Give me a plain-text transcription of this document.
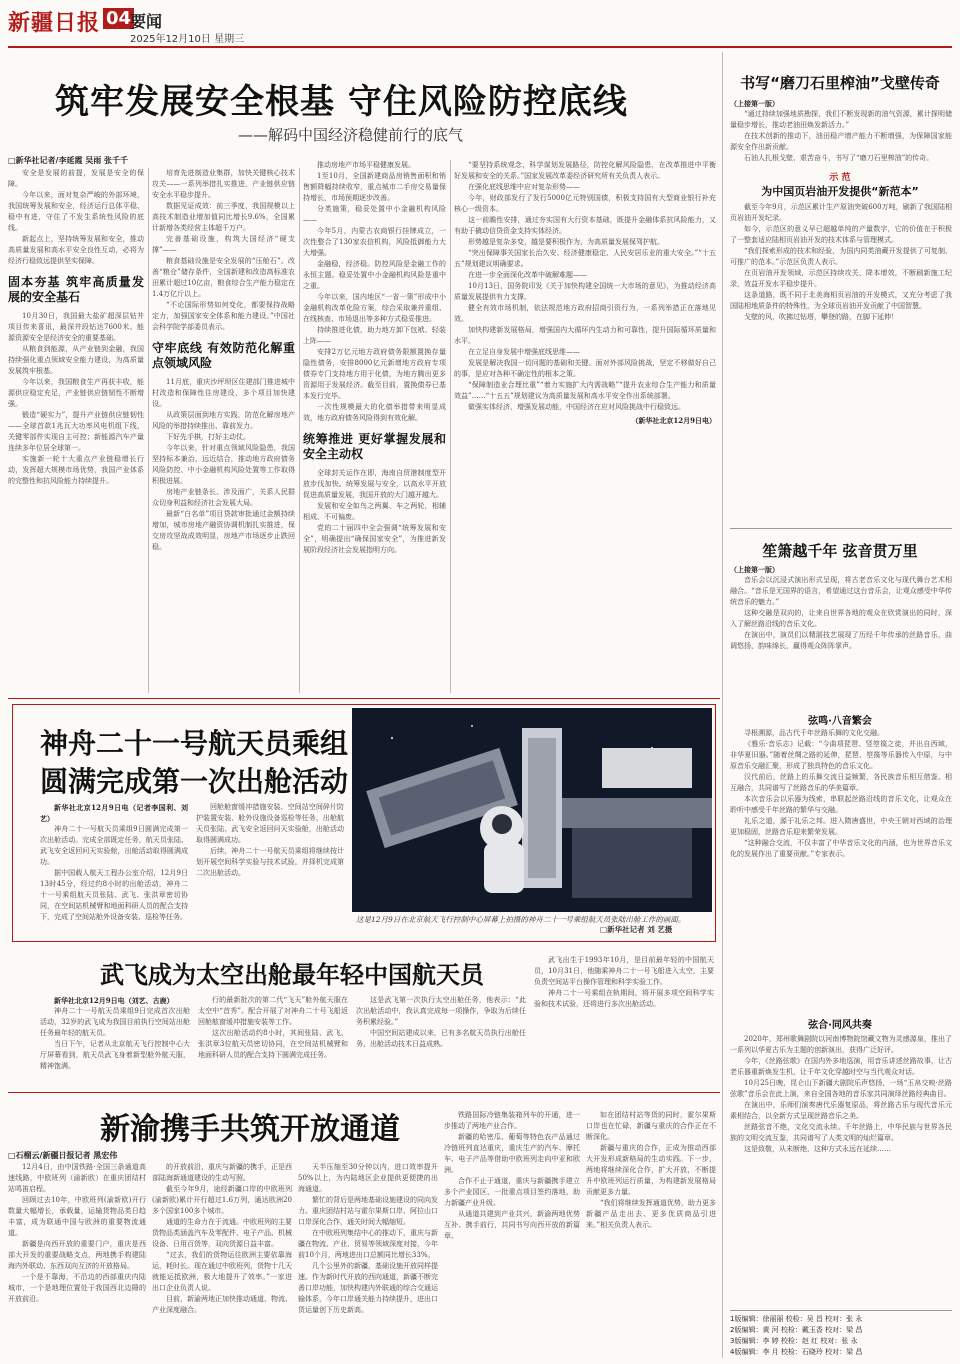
新疆日报 04
要闻
2025年12月10日 星期三
筑牢发展安全根基 守住风险防控底线
——解码中国经济稳健前行的底气
□新华社记者/李延霞 吴雨 张千千

安全是发展的前提，发展是安全的保障。

今年以来，面对复杂严峻的外部环境，我国统筹发展和安全，经济运行总体平稳、稳中有进，守住了不发生系统性风险的底线。

新起点上，坚持统筹发展和安全，推动高质量发展和高水平安全良性互动，必将为经济行稳致远提供坚实保障。

固本夯基 筑牢高质量发展的安全基石

10月30日，我国最大盐矿超深层钻井项目传来喜讯，最深井段钻达7600米。能源资源安全是经济安全的重要基础。

从粮食到能源，从产业链到金融，我国持续强化重点领域安全能力建设，为高质量发展筑牢根基。

今年以来，我国粮食生产再获丰收，能源供应稳定充足，产业链供应链韧性不断增强。

锻造“硬实力”，提升产业链供应链韧性——全球首款1兆瓦大功率风电机组下线，关键零部件实现自主可控；新能源汽车产量连续多年位居全球第一。

实施新一轮十大重点产业链稳增长行动，发挥超大规模市场优势，我国产业体系的完整性和抗风险能力持续提升。

培育先进制造业集群，加快关键核心技术攻关——一系列举措扎实推进，产业链供应链安全水平稳步提升。

数据见证成效：前三季度，我国规模以上高技术制造业增加值同比增长9.6%，全国累计新增各类经营主体超千万户。

完善基础设施，构筑大国经济“硬支撑”——

粮食基础设施是安全发展的“压舱石”。改善“粮仓”储存条件，全国新建和改造高标准农田累计超过10亿亩，粮食综合生产能力稳定在1.4万亿斤以上。

“不论国际形势如何变化，都要保持战略定力，加强国家安全体系和能力建设。”中国社会科学院学部委员表示。

守牢底线 有效防范化解重点领域风险

11月底，重庆沙坪坝区住建部门推进城中村改造和保障性住房建设，多个项目加快建设。

从政策层面到地方实践，防范化解房地产风险的举措持续推出、靠前发力。

下好先手棋，打好主动仗。

今年以来，针对重点领域风险隐患，我国坚持标本兼治，远近结合，推动地方政府债务风险防控、中小金融机构风险处置等工作取得积极进展。

房地产业链条长、涉及面广，关系人民群众切身利益和经济社会发展大局。

最新“白名单”项目贷款审批通过金额持续增加，城市房地产融资协调机制扎实推进，保交房攻坚战成效明显，房地产市场逐步止跌回稳。

推动房地产市场平稳健康发展。

1至10月，全国新建商品房销售面积和销售额降幅持续收窄，重点城市二手房交易量保持增长，市场预期逐步改善。

分类施策，稳妥处置中小金融机构风险——

今年5月，内蒙古农商银行挂牌成立，一次性整合了130家农信机构，风险抵御能力大大增强。

金融稳，经济稳。防控风险是金融工作的永恒主题。稳妥处置中小金融机构风险是重中之重。

今年以来，国内地区“一省一策”形成中小金融机构改革化险方案，综合采取兼并重组、在线核查、市场退出等多种方式稳妥推进。

持续推进化债，助力地方卸下包袱、轻装上阵——

安排2万亿元地方政府债务限额置换存量隐性债务，安排8000亿元新增地方政府专项债券专门支持地方用于化债，为地方腾出更多资源用于发展经济。截至目前，置换债券已基本发行完毕。

一次性规模最大的化债举措带来明显成效，地方政府债务风险得到有效化解。

统筹推进 更好掌握发展和安全主动权

全球封关运作在即，海南自贸港制度型开放步伐加快。统筹发展与安全，以高水平开放促进高质量发展，我国开放的大门越开越大。

发展和安全如鸟之两翼、车之两轮，相辅相成、不可偏废。

党的二十届四中全会强调“统筹发展和安全”，明确提出“确保国家安全”，为推进新发展阶段经济社会发展指明方向。

“要坚持系统观念，科学谋划发展路径，防控化解风险隐患，在改革推进中平衡好发展和安全的关系。”国家发展改革委经济研究所有关负责人表示。

在强化底线思维中应对复杂形势——

今年，财政部发行了发行5000亿元特别国债，积极支持国有大型商业银行补充核心一级资本。

这一前瞻性安排，通过夯实国有大行资本基础，既提升金融体系抗风险能力，又有助于撬动信贷资金支持实体经济。

形势越是复杂多变，越是要积极作为，为高质量发展保驾护航。

“突出保障事关国家长治久安、经济健康稳定、人民安居乐业的重大安全。”“十五五”规划建议明确要求。

在进一步全面深化改革中破解难题——

10月13日，国务院印发《关于加快构建全国统一大市场的意见》，为推动经济高质量发展提供有力支撑。

健全有效市场机制，依法规范地方政府招商引资行为，一系列举措正在落地见效。

加快构建新发展格局，增强国内大循环内生动力和可靠性，提升国际循环质量和水平。

在立足自身发展中增强底线思维——

发展是解决我国一切问题的基础和关键。面对外部风险挑战，坚定不移做好自己的事，是应对各种不确定性的根本之策。

“保障制造业合理比重”“着力实施扩大内需战略”“提升农业综合生产能力和质量效益”……“十五五”规划建议为高质量发展和高水平安全作出系统部署。

做强实体经济，增强发展动能，中国经济在应对风险挑战中行稳致远。

（新华社北京12月9日电）

神舟二十一号航天员乘组
圆满完成第一次出舱活动

新华社北京12月9日电（记者李国利、刘艺）

神舟二十一号航天员乘组9日圆满完成第一次出舱活动。完成全部既定任务，航天员张陆、武飞安全返回问天实验舱，出舱活动取得圆满成功。

据中国载人航天工程办公室介绍，12月9日13时45分，经过约8小时的出舱活动，神舟二十一号乘组航天员张陆、武飞、张洪章密切协同，在空间站机械臂和地面科研人员的配合支持下，完成了空间站舱外设备安装、巡检等任务。

回舱舱窗缓冲措施安装、空间站空间碎片防护装置安装、舱外设施设备巡检等任务，出舱航天员张陆、武飞安全返回问天实验舱，出舱活动取得圆满成功。

后续，神舟二十一号航天员乘组将继续按计划开展空间科学实验与技术试验，并择机完成第二次出舱活动。

这是12月9日在北京航天飞行控制中心屏幕上拍摄的神舟二十一号乘组航天员张陆出舱工作的画面。
□新华社记者 刘 艺摄
武飞成为太空出舱最年轻中国航天员

新华社北京12月9日电（刘艺、古鹿）

神舟二十一号航天员乘组9日完成首次出舱活动，32岁的武飞成为我国目前执行空间站出舱任务最年轻的航天员。

当日下午，记者从北京航天飞行控制中心大厅屏幕看到，航天员武飞身着新型舱外航天服，精神饱满。

行的最新批次的第二代“飞天”舱外航天服在太空中“首秀”。配合开展了对神舟二十号飞船返回舱舷窗缓冲措施安装等工作。

这次出舱活动约8小时，其间张陆、武飞、张洪章3位航天员密切协同，在空间站机械臂和地面科研人员的配合支持下圆满完成任务。

这是武飞第一次执行太空出舱任务，他表示：“此次出舱活动中，我认真完成每一项操作，争取为后续任务积累经验。”

中国空间站建成以来，已有多名航天员执行出舱任务，出舱活动技术日益成熟。

武飞出生于1993年10月，是目前最年轻的中国航天员，10月31日，他随乘神舟二十一号飞船进入太空，主要负责空间站平台操作管理和科学实验工作。

神舟二十一号乘组在轨期间，将开展多项空间科学实验和技术试验，还将进行多次出舱活动。

新渝携手共筑开放通道
□石榴云/新疆日报记者 黑宏伟

12月4日，由中国铁路·全国三条通道高速线路，中欧班列（渝新欧）在重庆团结村站鸣笛启程。

回顾过去10年，中欧班列(渝新欧)开行数量大幅增长，承载量，运输货物品类日趋丰富，成为联通中国与欧洲的重要物流通道。

新疆是向西开放的重要门户，重庆是西部大开发的重要战略支点，两地携手构建陆海内外联动、东西双向互济的开放格局。

一个是不靠海，不沿边的西部重庆内陆城市，一个是地理位置处于我国西北边陲的开放前沿。

的开放前沿，重庆与新疆的携手，正是西部陆海新通道建设的生动写照。

截至今年9月，途经新疆口岸的中欧班列(渝新欧)累计开行超过1.6万列，通达欧洲20多个国家100多个城市。

通道的生命力在于流通。中欧班列的主要货物品类涵盖汽车及零配件、电子产品、机械设备、日用百货等，双向货源日益丰富。

“过去，我们的货物运往欧洲主要依靠海运，耗时长。现在通过中欧班列，货物十几天就能运抵欧洲，极大地提升了效率。”一家进出口企业负责人说。

目前，新渝两地正加快推动通道、物流、产业深度融合。

天半压缩至30分钟以内，进口效率提升50%以上，为内陆地区企业提供更便捷的出海通道。

繁忙的背后是两地基础设施建设的同向发力。重庆团结村站与霍尔果斯口岸、阿拉山口口岸深化合作，通关时间大幅缩短。

在中欧班列集结中心的推动下，重庆与新疆在物流、产业、贸易等领域深度对接，今年前10个月，两地进出口总额同比增长33%。

几个公里外的新疆，基础设施开放同样提速。作为新时代开放的西向通道，新疆不断完善口岸功能，加快构建内外联通的综合交通运输体系，今年口岸通关能力持续提升，进出口货运量创下历史新高。

铁路国际冷链集装箱列车的开通，进一步推动了两地产业合作。

新疆的哈密瓜、葡萄等特色农产品通过冷链班列直达重庆，重庆生产的汽车、摩托车、电子产品等借助中欧班列走向中亚和欧洲。

合作不止于通道，重庆与新疆携手建立多个产业园区，一批重点项目签约落地，助力新疆产业升级。

从通道共建到产业共兴，新渝两地优势互补、携手前行，共同书写向西开放的新篇章。

如在团结村站等货的同时，霍尔果斯口岸也在忙碌，新疆与重庆的合作正在不断深化。

新疆与重庆的合作，正成为推动西部大开发形成新格局的生动实践。下一步，两地将继续深化合作，扩大开放，不断提升中欧班列运行质量，为构建新发展格局贡献更多力量。

“我们将继续发挥通道优势，助力更多新疆产品走出去、更多优质商品引进来。”相关负责人表示。

书写“磨刀石里榨油”戈壁传奇

（上接第一版）

“通过持续加强地质勘探，我们不断发现新的油气资源，累计探明储量稳步增长，推动老油田焕发新活力。”

在技术创新的推动下，油田稳产增产能力不断增强，为保障国家能源安全作出新贡献。

石油人扎根戈壁、艰苦奋斗，书写了“磨刀石里榨油”的传奇。

示 范
为中国页岩油开发提供“新范本”

截至今年9月，示范区累计生产原油突破600万吨，刷新了我国陆相页岩油开发纪录。

如今，示范区的意义早已超越单纯的产量数字，它的价值在于积极了一整套适应陆相页岩油开发的技术体系与管理模式。

“我们探索形成的技术和经验，为国内同类油藏开发提供了可复制、可推广的范本。”示范区负责人表示。

在页岩油开发领域，示范区持续攻关，降本增效，不断刷新施工纪录，效益开发水平稳步提升。

这条道路，既不同于北美海相页岩油的开发模式，又充分考虑了我国陆相地质条件的特殊性，为全球页岩油开发贡献了中国智慧。

戈壁的风，吹拂过钻塔，攀登的路，在脚下延伸！

笙箫越千年 弦音贯万里

（上接第一版）

音乐会以沉浸式演出形式呈现，将古老音乐文化与现代舞台艺术相融合。“音乐是无国界的语言，希望通过这台音乐会，让观众感受中华传统音乐的魅力。”

这种交融是双向的，让来自世界各地的观众在欣赏演出的同时，深入了解丝路沿线的音乐文化。

在演出中，演员们以精湛技艺展现了历经千年传承的丝路音乐，曲调悠扬，韵味绵长，赢得观众阵阵掌声。

弦鸣·八音繁会

寻根溯源，品古代千年丝路乐舞的文化交融。

《雅乐·音乐志》记载：“今曲项琵琶、竖箜篌之徒，并出自西域，非华夏旧器。”随着丝绸之路的延伸，琵琶、箜篌等乐器传入中原，与中原音乐交融汇聚，形成了独具特色的音乐文化。

汉代前后，丝路上的乐舞交流日益频繁，各民族音乐相互借鉴、相互融合，共同谱写了丝路音乐的华美篇章。

本次音乐会以乐器为线索，串联起丝路沿线的音乐文化，让观众在聆听中感受千年丝路的繁华与交融。

礼乐之道，源于礼乐之邦。进入隋唐盛世，中央王朝对西域的治理更加稳固，丝路音乐迎来繁荣发展。

“这种融合交流，不仅丰富了中华音乐文化的内涵，也为世界音乐文化的发展作出了重要贡献。”专家表示。

弦合·同风共奏

2020年，郑州歌舞剧院以河南博物院馆藏文物为灵感源泉，推出了一系列以华夏古乐为主题的创新演出，获得广泛好评。

今年，《丝路弦歌》在国内外多地巡演，用音乐讲述丝路故事，让古老乐器重新焕发生机，让千年文化穿越时空与当代观众对话。

10月25日晚，昆仑山下新疆大剧院乐声悠扬，一场“玉帛交映·丝路弦歌”音乐会在此上演，来自全国各地的音乐家共同演绎丝路经典曲目。

在演出中，乐师们演奏唐代乐器复原品，将丝路古乐与现代音乐元素相结合，以全新方式呈现丝路音乐之美。

丝路弦音不绝，文化交流永续。千年丝路上，中华民族与世界各民族的文明交流互鉴，共同谱写了人类文明的灿烂篇章。

这是致敬，从未断绝，这种方式永远在延续……

1版编辑：徐丽丽 校检：吴 昌 校对：张 永
2版编辑：黄 河 校检：戴玉香 校对：梁 昌
3版编辑：李 婷 校检：赵 红 校对：张 永
4版编辑：李 月 校检：石晓玲 校对：梁 昌
